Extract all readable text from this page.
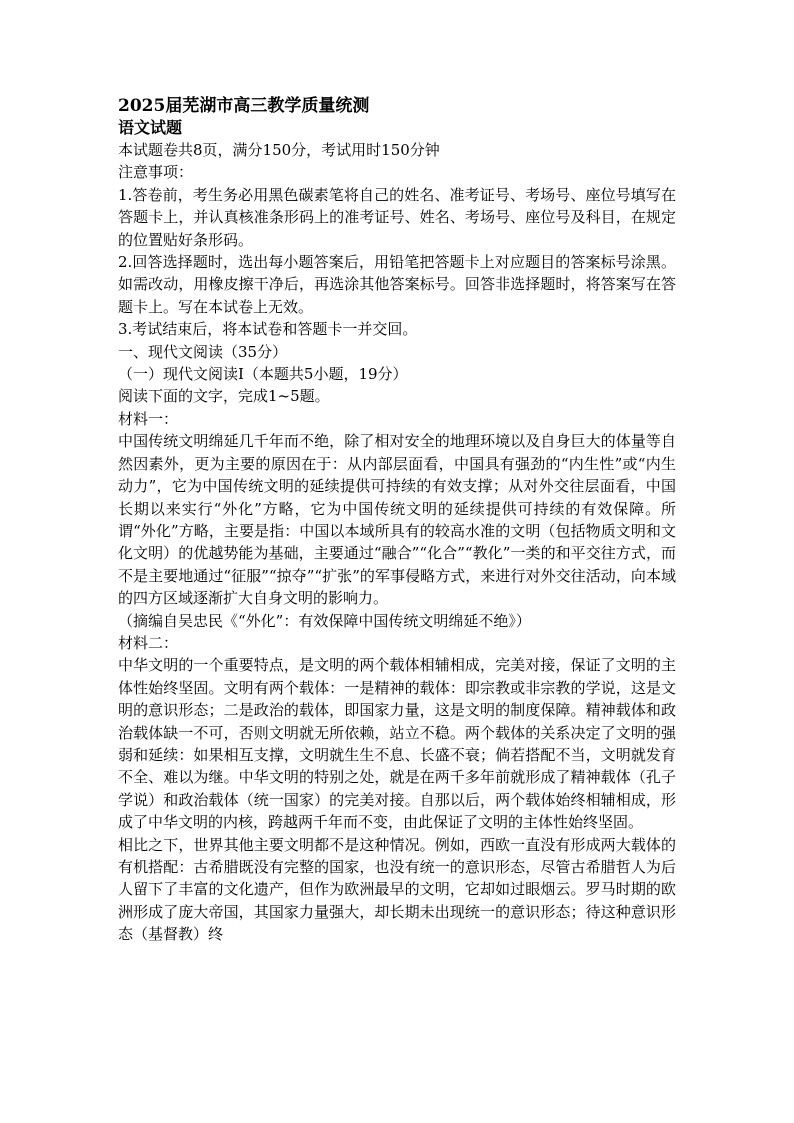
2025届芜湖市高三教学质量统测

语文试题

本试题卷共8页，满分150分，考试用时150分钟

注意事项：

1.答卷前，考生务必用黑色碳素笔将自己的姓名、准考证号、考场号、座位号填写在答题卡上，并认真核准条形码上的准考证号、姓名、考场号、座位号及科目，在规定的位置贴好条形码。

2.回答选择题时，选出每小题答案后，用铅笔把答题卡上对应题目的答案标号涂黑。如需改动，用橡皮擦干净后，再选涂其他答案标号。回答非选择题时，将答案写在答题卡上。写在本试卷上无效。

3.考试结束后，将本试卷和答题卡一并交回。

一、现代文阅读（35分）

（一）现代文阅读Ⅰ（本题共5小题，19分）

阅读下面的文字，完成1~5题。

材料一：

中国传统文明绵延几千年而不绝，除了相对安全的地理环境以及自身巨大的体量等自然因素外，更为主要的原因在于：从内部层面看，中国具有强劲的“内生性”或“内生动力”，它为中国传统文明的延续提供可持续的有效支撑；从对外交往层面看，中国长期以来实行“外化”方略，它为中国传统文明的延续提供可持续的有效保障。所谓“外化”方略，主要是指：中国以本域所具有的较高水准的文明（包括物质文明和文化文明）的优越势能为基础，主要通过“融合”“化合”“教化”一类的和平交往方式，而不是主要地通过“征服”“掠夺”“扩张”的军事侵略方式，来进行对外交往活动，向本域的四方区域逐渐扩大自身文明的影响力。

（摘编自吴忠民《“外化”：有效保障中国传统文明绵延不绝》）

材料二：

中华文明的一个重要特点，是文明的两个载体相辅相成，完美对接，保证了文明的主体性始终坚固。文明有两个载体：一是精神的载体：即宗教或非宗教的学说，这是文明的意识形态；二是政治的载体，即国家力量，这是文明的制度保障。精神载体和政治载体缺一不可，否则文明就无所依赖，站立不稳。两个载体的关系决定了文明的强弱和延续：如果相互支撑，文明就生生不息、长盛不衰；倘若搭配不当，文明就发育不全、难以为继。中华文明的特别之处，就是在两千多年前就形成了精神载体（孔子学说）和政治载体（统一国家）的完美对接。自那以后，两个载体始终相辅相成，形成了中华文明的内核，跨越两千年而不变，由此保证了文明的主体性始终坚固。

相比之下，世界其他主要文明都不是这种情况。例如，西欧一直没有形成两大载体的有机搭配：古希腊既没有完整的国家，也没有统一的意识形态，尽管古希腊哲人为后人留下了丰富的文化遗产，但作为欧洲最早的文明，它却如过眼烟云。罗马时期的欧洲形成了庞大帝国，其国家力量强大，却长期未出现统一的意识形态；待这种意识形态（基督教）终
